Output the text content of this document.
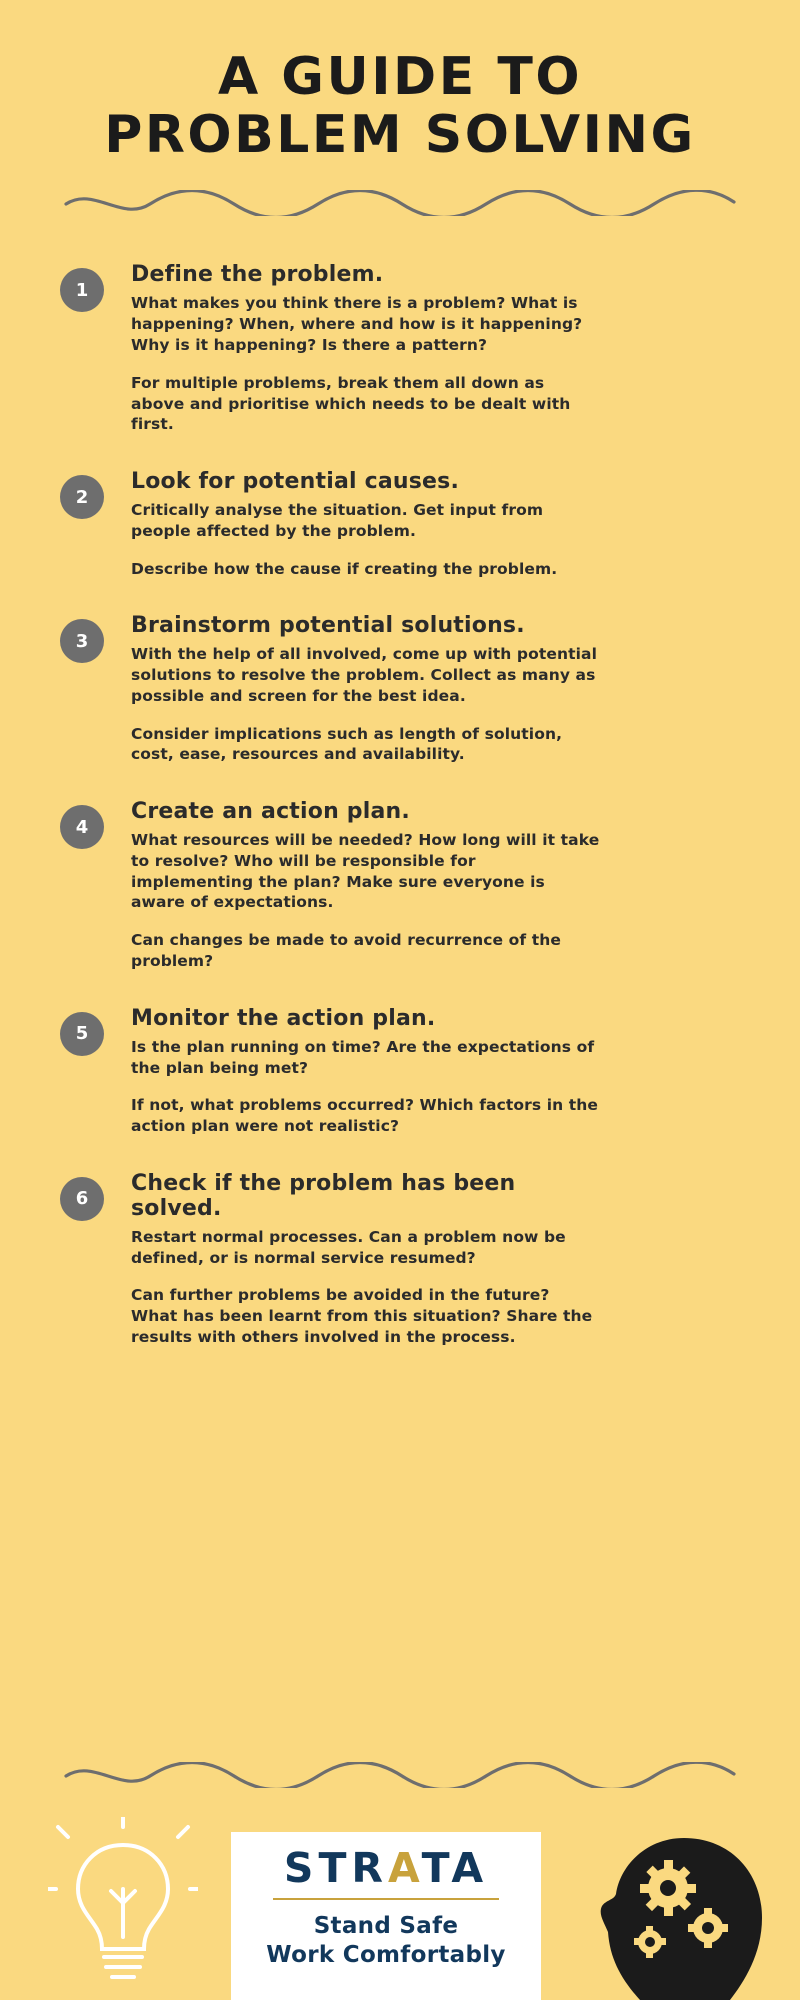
A GUIDE TO
PROBLEM SOLVING
1
Define the problem.

What makes you think there is a problem? What is happening? When, where and how is it happening? Why is it happening? Is there a pattern?

For multiple problems, break them all down as above and prioritise which needs to be dealt with first.

2
Look for potential causes.

Critically analyse the situation. Get input from people affected by the problem.

Describe how the cause if creating the problem.

3
Brainstorm potential solutions.

With the help of all involved, come up with potential solutions to resolve the problem. Collect as many as possible and screen for the best idea.

Consider implications such as length of solution, cost, ease, resources and availability.

4
Create an action plan.

What resources will be needed? How long will it take to resolve? Who will be responsible for implementing the plan? Make sure everyone is aware of expectations.

Can changes be made to avoid recurrence of the problem?

5
Monitor the action plan.

Is the plan running on time? Are the expectations of the plan being met?

If not, what problems occurred? Which factors in the action plan were not realistic?

6
Check if the problem has been solved.

Restart normal processes. Can a problem now be defined, or is normal service resumed?

Can further problems be avoided in the future? What has been learnt from this situation? Share the results with others involved in the process.

STRATA
Stand Safe
Work Comfortably
